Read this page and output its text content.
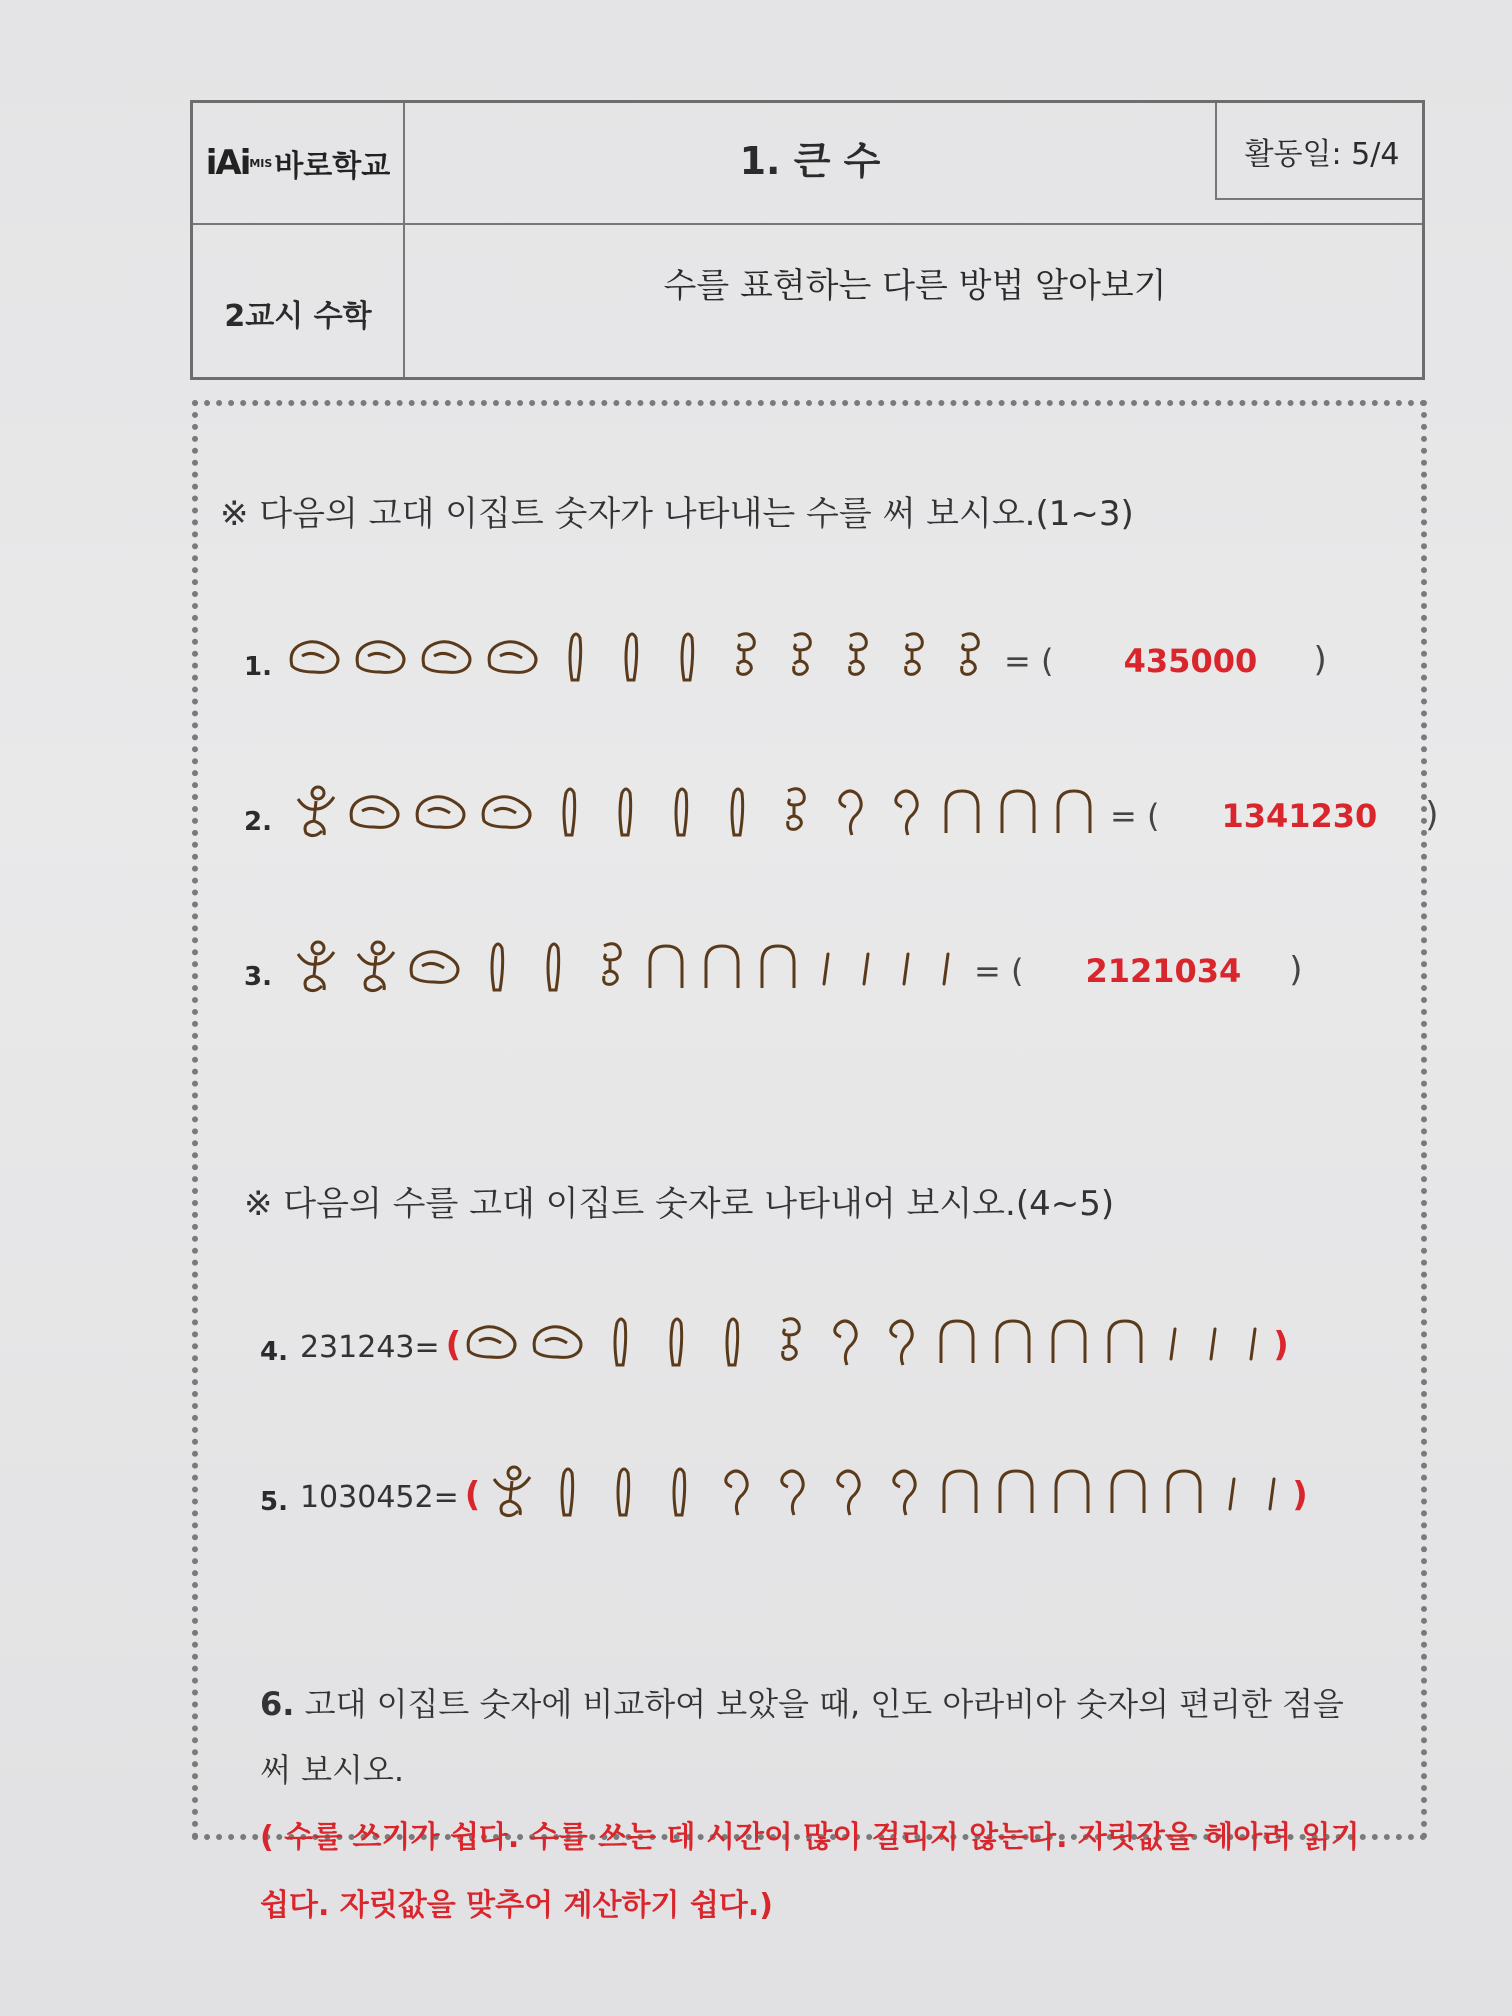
iAi MIS 바로학교	1. 큰 수	활동일: 5/4
2교시 수학
수를 표현하는 다른 방법 알아보기
※ 다음의 고대 이집트 숫자가 나타내는 수를 써 보시오.(1~3)
1.	= ( 435000 )
2.	= ( 1341230 )
3.	= ( 2121034 )
※ 다음의 수를 고대 이집트 숫자로 나타내어 보시오.(4~5)
4. 231243= (	)
5. 1030452= (	)
6. 고대 이집트 숫자에 비교하여 보았을 때, 인도 아라비아 숫자의 편리한 점을 써 보시오.
( 수를 쓰기가 쉽다. 수를 쓰는 데 시간이 많이 걸리지 않는다. 자릿값을 헤아려 읽기 쉽다. 자릿값을 맞추어 계산하기 쉽다.)
